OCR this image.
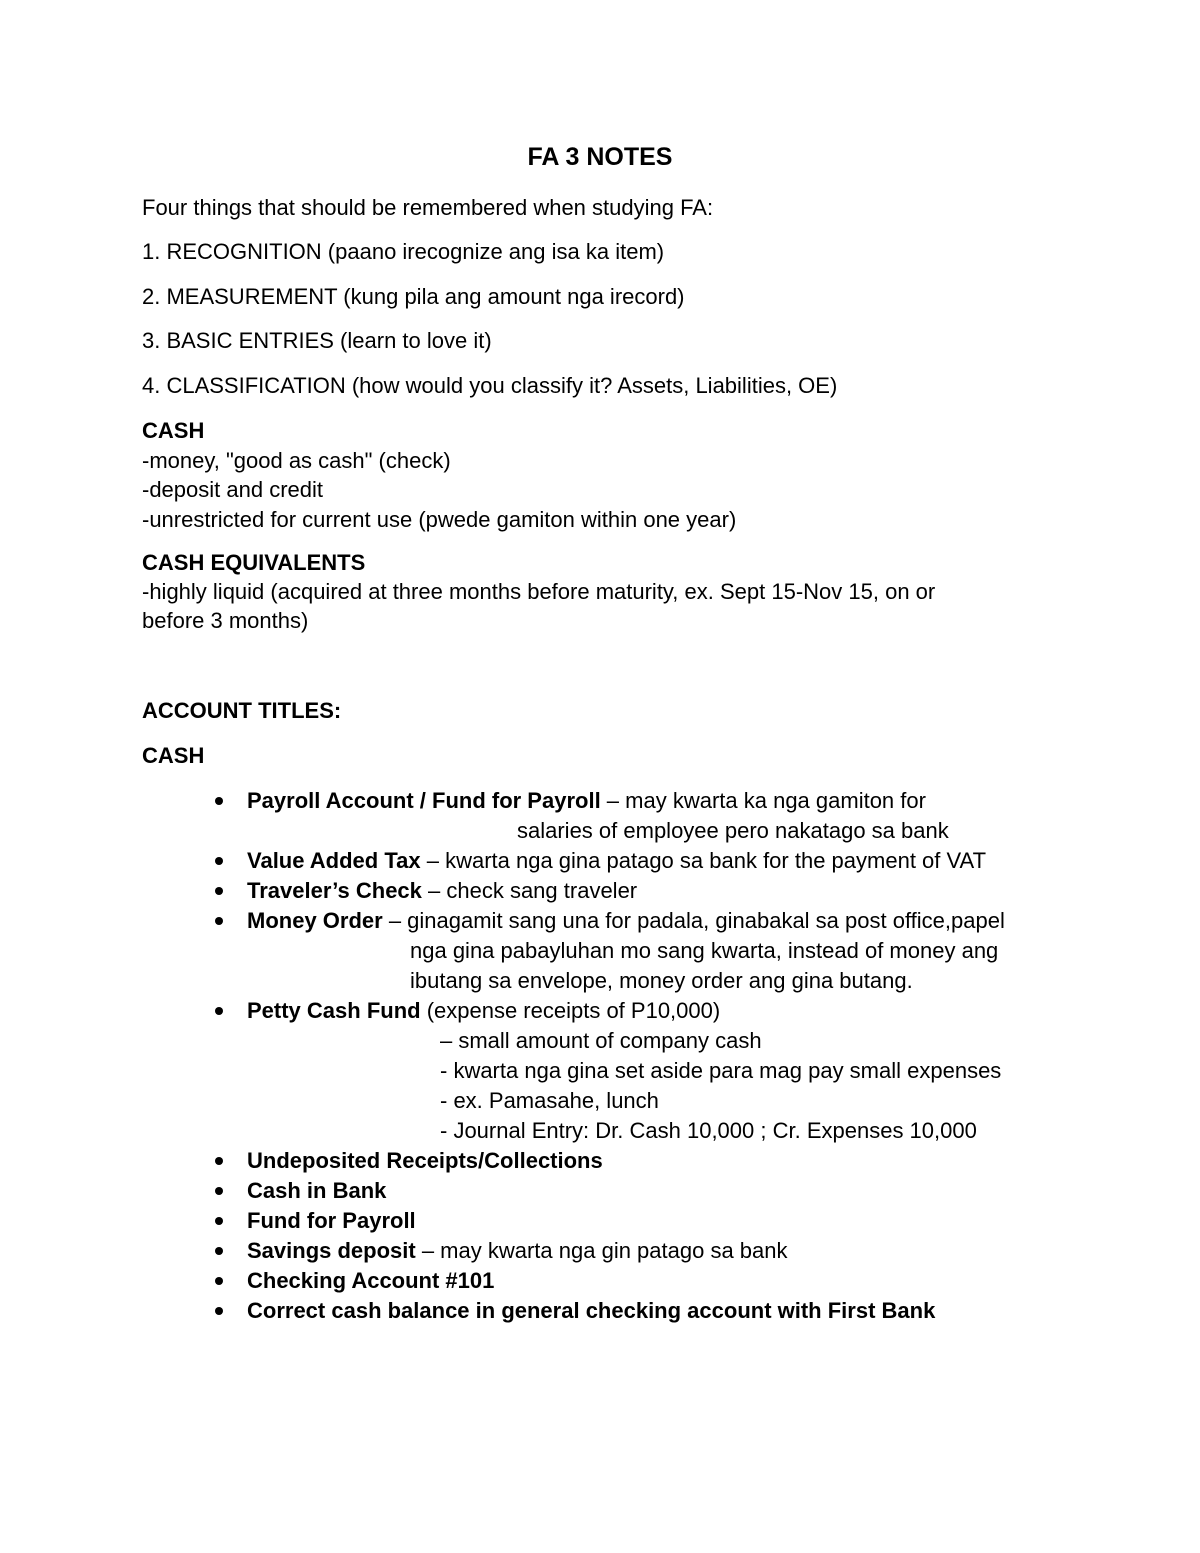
FA 3 NOTES
Four things that should be remembered when studying FA:
1. RECOGNITION (paano irecognize ang isa ka item)
2. MEASUREMENT (kung pila ang amount nga irecord)
3. BASIC ENTRIES (learn to love it)
4. CLASSIFICATION (how would you classify it? Assets, Liabilities, OE)
CASH
-money, "good as cash" (check)
-deposit and credit
-unrestricted for current use (pwede gamiton within one year)
CASH EQUIVALENTS
-highly liquid (acquired at three months before maturity, ex. Sept 15-Nov 15, on or
before 3 months)
ACCOUNT TITLES:
CASH
Payroll Account / Fund for Payroll – may kwarta ka nga gamiton for
salaries of employee pero nakatago sa bank
Value Added Tax – kwarta nga gina patago sa bank for the payment of VAT
Traveler’s Check – check sang traveler
Money Order – ginagamit sang una for padala, ginabakal sa post office,papel
nga gina pabayluhan mo sang kwarta, instead of money ang
ibutang sa envelope, money order ang gina butang.
Petty Cash Fund (expense receipts of P10,000)
– small amount of company cash
- kwarta nga gina set aside para mag pay small expenses
- ex. Pamasahe, lunch
- Journal Entry: Dr. Cash 10,000 ; Cr. Expenses 10,000
Undeposited Receipts/Collections
Cash in Bank
Fund for Payroll
Savings deposit – may kwarta nga gin patago sa bank
Checking Account #101
Correct cash balance in general checking account with First Bank
